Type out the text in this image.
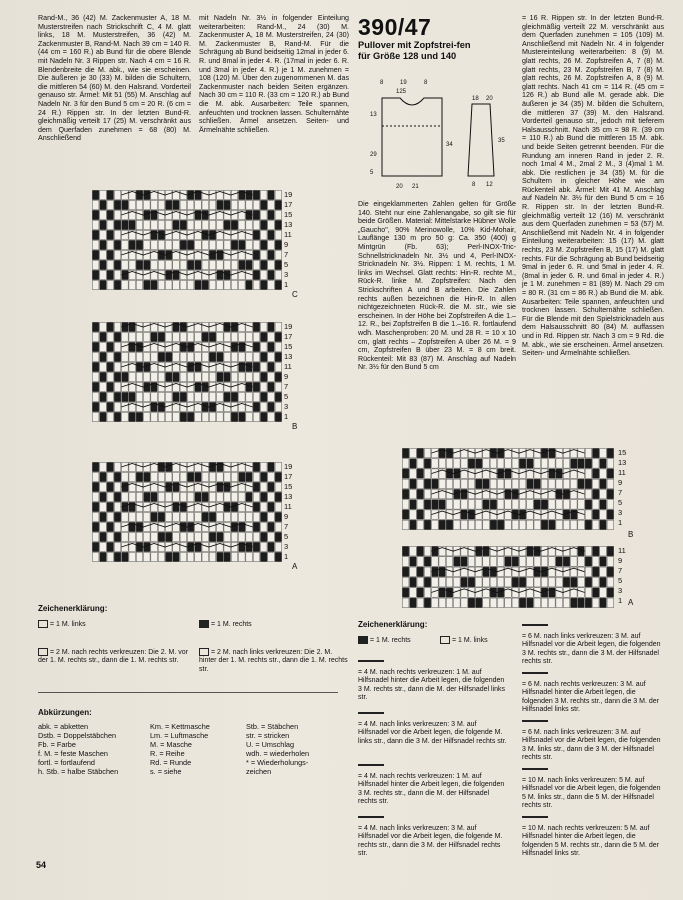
Rand-M., 36 (42) M. Zackenmuster A, 18 M. Musterstreifen nach Strickschrift C, 4 M. glatt links, 18 M. Musterstreifen, 36 (42) M. Zackenmuster B, Rand-M. Nach 39 cm = 140 R. (44 cm = 160 R.) ab Bund für die obere Blende mit Nadeln Nr. 3 Rippen str. Nach 4 cm = 16 R. Blendenbreite die M. abk., wie sie erscheinen. Die äußeren je 30 (33) M. bilden die Schultern, die mittleren 54 (60) M. den Halsrand. Vorderteil genauso str. Ärmel: Mit 51 (55) M. Anschlag auf Nadeln Nr. 3 für den Bund 5 cm = 20 R. (6 cm = 24 R.) Rippen str. In der letzten Bund-R. gleichmäßig verteilt 17 (25) M. verschränkt aus dem Querfaden zunehmen = 68 (80) M. Anschließend

mit Nadeln Nr. 3½ in folgender Einteilung weiterarbeiten: Rand-M., 24 (30) M. Zackenmuster A, 18 M. Musterstreifen, 24 (30) M. Zackenmuster B, Rand-M. Für die Schrägung ab Bund beidseitig 12mal in jeder 6. R. und 8mal in jeder 4. R. (17mal in jeder 6. R. und 3mal in jeder 4. R.) je 1 M. zunehmen = 108 (120) M. Über den zugenommenen M. das Zackenmuster nach beiden Seiten ergänzen. Nach 30 cm = 110 R. (33 cm = 120 R.) ab Bund die M. abk. Ausarbeiten: Teile spannen, anfeuchten und trocknen lassen. Schulternähte schließen. Ärmel ansetzen. Seiten- und Ärmelnähte schließen.

390/47
Pullover mit Zopfstrei-fen für Größe 128 und 140
8	19	8
125
18 20
35
29
34
13
5
20 21	8 12

Die eingeklammerten Zahlen gelten für Größe 140. Steht nur eine Zahlenangabe, so gilt sie für beide Größen. Material: Mittelstarke Hübner Wolle „Gaucho", 90% Merinowolle, 10% Kid-Mohair, Lauflänge 130 m pro 50 g: Ca. 350 (400) g Mintgrün (Fb. 63); Perl-INOX-Tric-Schnellstricknadeln Nr. 3½ und 4, Perl-INOX-Stricknadeln Nr. 3½. Rippen: 1 M. rechts, 1 M. links im Wechsel. Glatt rechts: Hin-R. rechte M., Rück-R. linke M. Zopfstreifen: Nach den Strickschriften A und B arbeiten. Die Zahlen rechts außen bezeichnen die Hin-R. In allen nichtgezeichneten Rück-R. die M. str., wie sie erscheinen. In der Höhe bei Zopfstreifen A die 1.–12. R., bei Zopfstreifen B die 1.–16. R. fortlaufend wdh. Maschenproben: 20 M. und 28 R. = 10 x 10 cm, glatt rechts – Zopfstreifen A über 26 M. = 9 cm, Zopfstreifen B über 23 M. = 8 cm breit. Rückenteil: Mit 83 (87) M. Anschlag auf Nadeln Nr. 3½ für den Bund 5 cm

= 16 R. Rippen str. In der letzten Bund-R. gleichmäßig verteilt 22 M. verschränkt aus dem Querfaden zunehmen = 105 (109) M. Anschließend mit Nadeln Nr. 4 in folgender Mustereinteilung weiterarbeiten: 8 (9) M. glatt rechts, 26 M. Zopfstreifen A, 7 (8) M. glatt rechts, 23 M. Zopfstreifen B, 7 (8) M. glatt rechts, 26 M. Zopfstreifen A, 8 (9) M. glatt rechts. Nach 41 cm = 114 R. (45 cm = 126 R.) ab Bund alle M. gerade abk. Die äußeren je 34 (35) M. bilden die Schultern, die mittleren 37 (39) M. den Halsrand. Vorderteil genauso str., jedoch mit tieferem Halsausschnitt. Nach 35 cm = 98 R. (39 cm = 110 R.) ab Bund die mittleren 15 M. abk. und beide Seiten getrennt beenden. Für die Rundung am inneren Rand in jeder 2. R. noch 1mal 4 M., 2mal 2 M., 3 (4)mal 1 M. abk. Die restlichen je 34 (35) M. für die Schultern in gleicher Höhe wie am Rückenteil abk. Ärmel: Mit 41 M. Anschlag auf Nadeln Nr. 3½ für den Bund 5 cm = 16 R. Rippen str. In der letzten Bund-R. gleichmäßig verteilt 12 (16) M. verschränkt aus dem Querfaden zunehmen = 53 (57) M. Anschließend mit Nadeln Nr. 4 in folgender Einteilung weiterarbeiten: 15 (17) M. glatt rechts, 23 M. Zopfstreifen B, 15 (17) M. glatt rechts. Für die Schrägung ab Bund beidseitig 9mal in jeder 6. R. und 5mal in jeder 4. R. (8mal in jeder 6. R. und 6mal in jeder 4. R.) je 1 M. zunehmen = 81 (89) M. Nach 29 cm = 80 R. (31 cm = 86 R.) ab Bund die M. abk. Ausarbeiten: Teile spannen, anfeuchten und trocknen lassen. Schulternähte schließen. Für die Blende mit den Spielstricknadeln aus dem Halsausschnitt 80 (84) M. auffassen und in Rd. Rippen str. Nach 3 cm = 9 Rd. die M. abk., wie sie erscheinen. Ärmel ansetzen. Seiten- und Ärmelnähte schließen.

19
17
15
13
11
9
7
5
3
1
C
19
17
15
13
11
9
7
5
3
1
B
19
17
15
13
11
9
7
5
3
1
A
15
13
11
9
7
5
3
1
B
11
9
7
5
3
1 A
Zeichenerklärung:
= 1 M. links	= 1 M. rechts
= 2 M. nach rechts verkreuzen: Die 2. M. vor der 1. M. rechts str., dann die 1. M. rechts str.
= 2 M. nach links verkreuzen: Die 2. M. hinter der 1. M. rechts str., dann die 1. M. rechts str.
Abkürzungen:
abk. = abketten
Dstb. = Doppelstäbchen
Fb. = Farbe
f. M. = feste Maschen
fortl. = fortlaufend
h. Stb. = halbe Stäbchen
Km. = Kettmasche
Lm. = Luftmasche
M. = Masche
R. = Reihe
Rd. = Runde
s. = siehe
Stb. = Stäbchen
str. = stricken
U. = Umschlag
wdh. = wiederholen
* = Wiederholungs-
zeichen
Zeichenerklärung:
= 1 M. rechts	= 1 M. links
= 4 M. nach rechts verkreuzen: 1 M. auf Hilfsnadel hinter die Arbeit legen, die folgenden 3 M. rechts str., dann die M. der Hilfsnadel links str.
= 4 M. nach links verkreuzen: 3 M. auf Hilfsnadel vor die Arbeit legen, die folgende M. links str., dann die 3 M. der Hilfsnadel rechts str.
= 4 M. nach rechts verkreuzen: 1 M. auf Hilfsnadel hinter die Arbeit legen, die folgenden 3 M. rechts str., dann die M. der Hilfsnadel rechts str.
= 4 M. nach links verkreuzen: 3 M. auf Hilfsnadel vor die Arbeit legen, die folgende M. rechts str., dann die 3 M. der Hilfsnadel rechts str.
= 6 M. nach links verkreuzen: 3 M. auf Hilfsnadel vor die Arbeit legen, die folgenden 3 M. rechts str., dann die 3 M. der Hilfsnadel rechts str.
= 6 M. nach rechts verkreuzen: 3 M. auf Hilfsnadel hinter die Arbeit legen, die folgenden 3 M. rechts str., dann die 3 M. der Hilfsnadel links str.
= 6 M. nach links verkreuzen: 3 M. auf Hilfsnadel vor die Arbeit legen, die folgenden 3 M. links str., dann die 3 M. der Hilfsnadel rechts str.
= 10 M. nach links verkreuzen: 5 M. auf Hilfsnadel vor die Arbeit legen, die folgenden 5 M. links str., dann die 5 M. der Hilfsnadel rechts str.
= 10 M. nach rechts verkreuzen: 5 M. auf Hilfsnadel hinter die Arbeit legen, die folgenden 5 M. rechts str., dann die 5 M. der Hilfsnadel links str.
54
